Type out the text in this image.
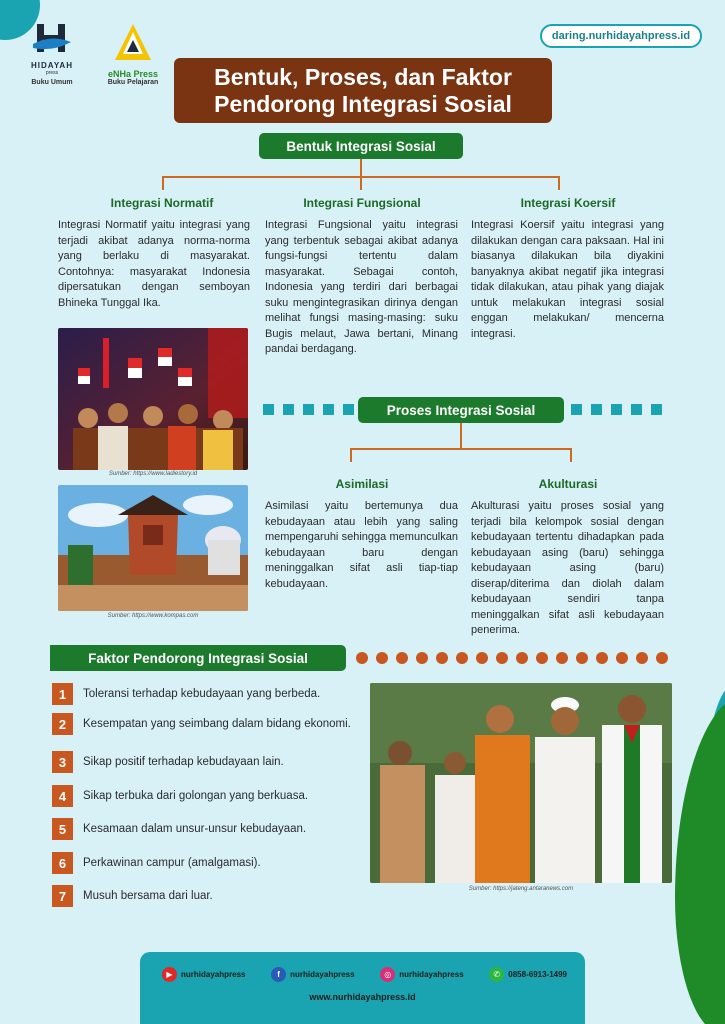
HIDAYAH
press
Buku Umum
eNHa Press
Buku Pelajaran
daring.nurhidayahpress.id
Bentuk, Proses, dan Faktor
Pendorong Integrasi Sosial
Bentuk Integrasi Sosial
Integrasi Normatif	Integrasi Fungsional	Integrasi Koersif
Integrasi Normatif yaitu integrasi yang terjadi akibat adanya norma-norma yang berlaku di masyarakat. Contohnya: masyarakat Indonesia dipersatukan dengan semboyan Bhineka Tunggal Ika.
Integrasi Fungsional yaitu integrasi yang terbentuk sebagai akibat adanya fungsi-fungsi tertentu dalam masyarakat. Sebagai contoh, Indonesia yang terdiri dari berbagai suku mengintegrasikan dirinya dengan melihat fungsi masing-masing: suku Bugis melaut, Jawa bertani, Minang pandai berdagang.
Integrasi Koersif yaitu integrasi yang dilakukan dengan cara paksaan. Hal ini biasanya dilakukan bila diyakini banyaknya akibat negatif jika integrasi tidak dilakukan, atau pihak yang diajak untuk melakukan integrasi sosial enggan melakukan/ mencerna integrasi.
Sumber: https://www.ladiestory.id
Sumber: https://www.kompas.com
Proses Integrasi Sosial
Asimilasi	Akulturasi
Asimilasi yaitu bertemunya dua kebudayaan atau lebih yang saling mempengaruhi sehingga memunculkan kebudayaan baru dengan meninggalkan sifat asli tiap-tiap kebudayaan.
Akulturasi yaitu proses sosial yang terjadi bila kelompok sosial dengan kebudayaan tertentu dihadapkan pada kebudayaan asing (baru) sehingga kebudayaan asing (baru) diserap/diterima dan diolah dalam kebudayaan sendiri tanpa meninggalkan sifat asli kebudayaan penerima.
Faktor Pendorong Integrasi Sosial
1	Toleransi terhadap kebudayaan yang berbeda.
2	Kesempatan yang seimbang dalam bidang ekonomi.
3	Sikap positif terhadap kebudayaan lain.
4	Sikap terbuka dari golongan yang berkuasa.
5	Kesamaan dalam unsur-unsur kebudayaan.
6	Perkawinan campur (amalgamasi).
7	Musuh bersama dari luar.
Sumber: https://jateng.antaranews.com
▶	nurhidayahpress	f	nurhidayahpress	◎	nurhidayahpress	✆	0858-6913-1499
www.nurhidayahpress.id
